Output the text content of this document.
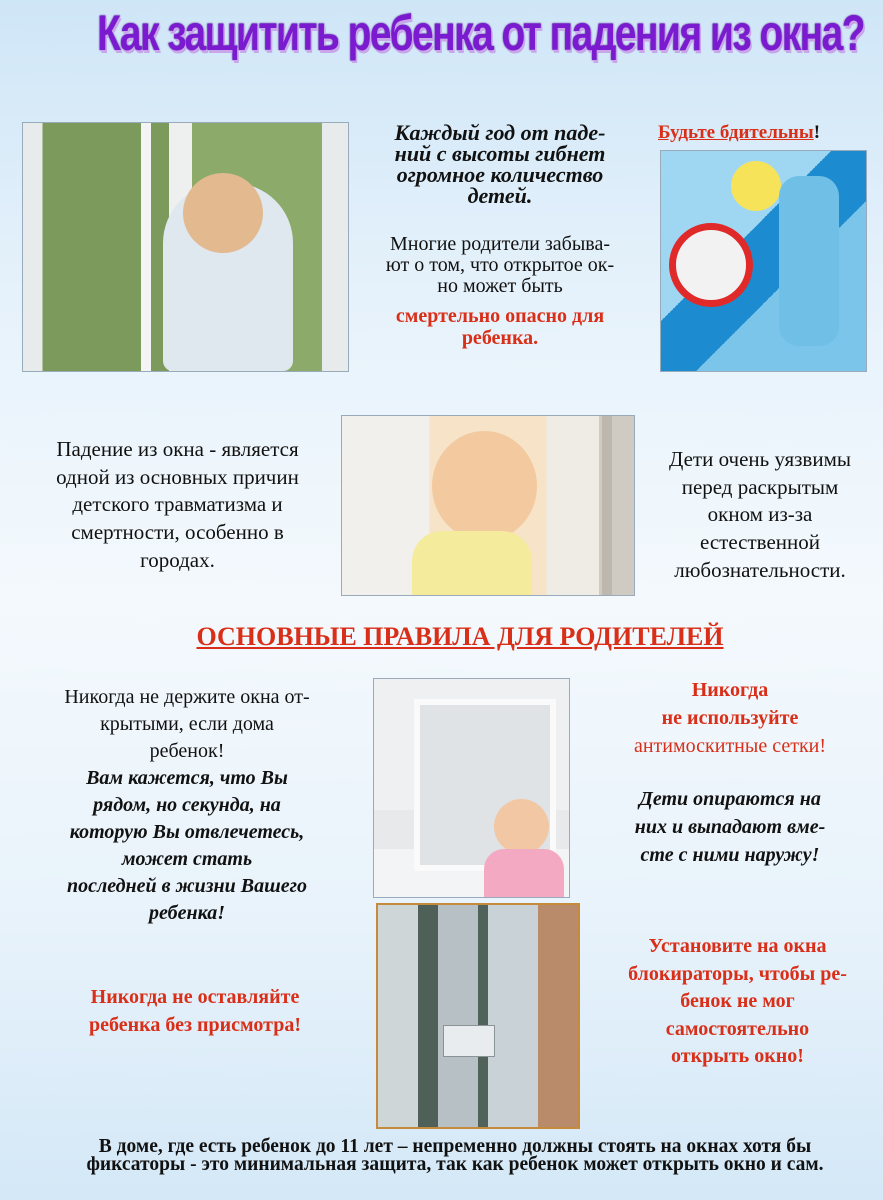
Как защитить ребенка от падения из окна?
Каждый год от паде-
ний с высоты гибнет
огромное количество
детей.
Многие родители забыва-
ют о том, что открытое ок-
но может быть
смертельно опасно для
ребенка.
Будьте бдительны!
Падение из окна - является
одной из основных причин
детского травматизма и
смертности, особенно в
городах.
Дети очень уязвимы
перед раскрытым
окном из-за
естественной
любознательности.
ОСНОВНЫЕ ПРАВИЛА ДЛЯ РОДИТЕЛЕЙ
Никогда не держите окна от-
крытыми, если дома
ребенок!
Вам кажется, что Вы
рядом, но секунда, на
которую Вы отвлечетесь,
может стать
последней в жизни Вашего
ребенка!
Никогда
не используйте
антимоскитные сетки!
Дети опираются на
них и выпадают вме-
сте с ними наружу!
Никогда не оставляйте
ребенка без присмотра!
Установите на окна
блокираторы, чтобы ре-
бенок не мог
самостоятельно
открыть окно!
В доме, где есть ребенок до 11 лет – непременно должны стоять на окнах хотя бы фиксаторы - это минимальная защита, так как ребенок может открыть окно и сам.
